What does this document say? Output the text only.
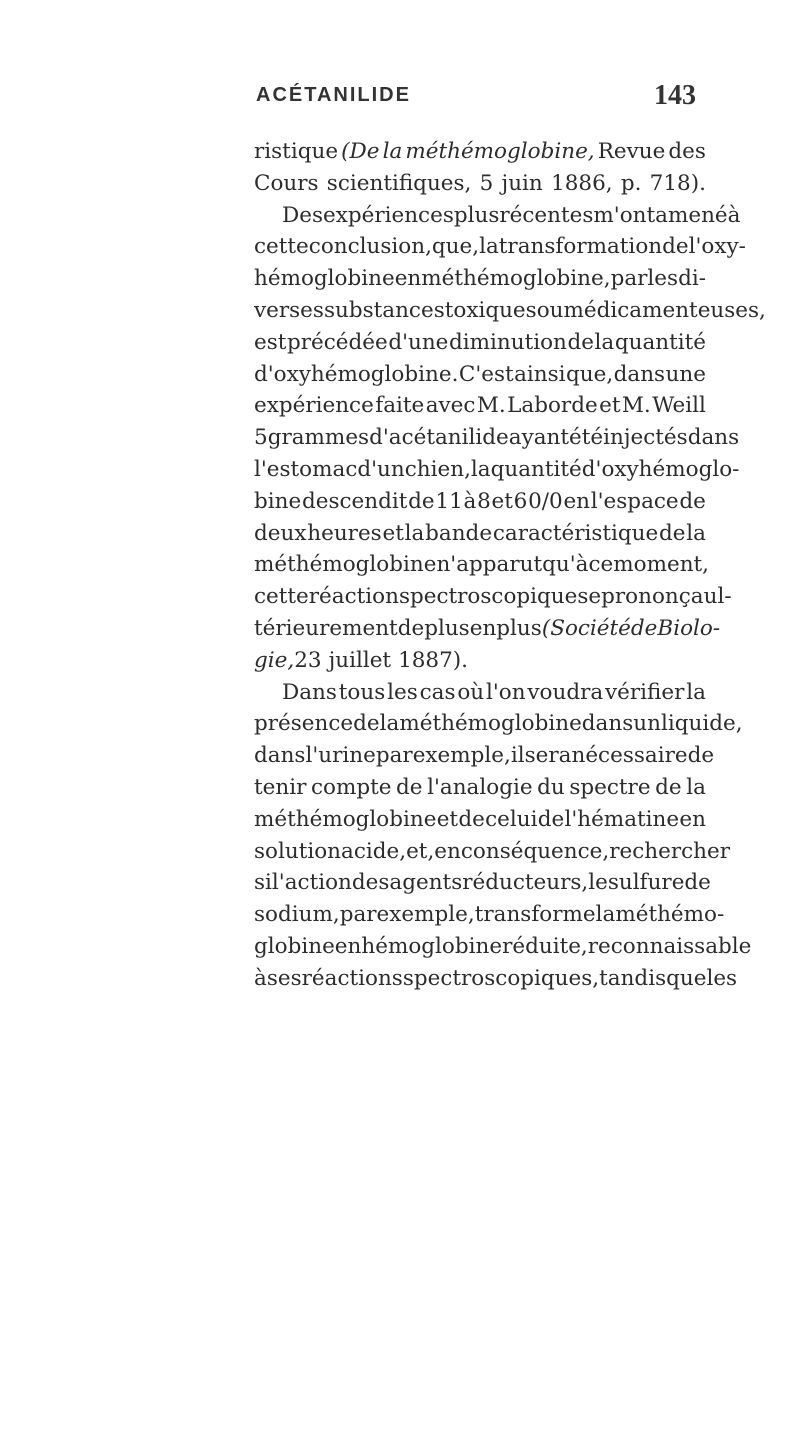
ACÉTANILIDE	143
ristique (De la méthémoglobine, Revue des
Cours scientifiques, 5 juin 1886, p. 718).
Des expériences plus récentes m'ont amené à
cette conclusion, que, la transformation de l'oxy-
hémoglobine en méthémoglobine, par les di-
verses substances toxiques ou médicamenteuses,
est précédée d'une diminution de la quantité
d'oxyhémoglobine. C'est ainsi que, dans une
expérience faite avec M. Laborde et M. Weill
5 grammes d'acétanilide ayant été injectés dans
l'estomac d'un chien, la quantité d'oxyhémoglo-
bine descendit de 11 à 8 et 6 0/0 en l'espace de
deux heures et la bande caractéristique de la
méthémoglobine n'apparut qu'à ce moment,
cette réaction spectroscopique se prononça ul-
térieurement de plus en plus (Société de Biolo-
gie, 23 juillet 1887).
Dans tous les cas où l'on voudra vérifier la
présence de la méthémoglobine dans un liquide,
dans l'urine par exemple, il sera nécessaire de
tenir compte de l'analogie du spectre de la
méthémoglobine et de celui de l'hématine en
solution acide, et, en conséquence, rechercher
si l'action des agents réducteurs, le sulfure de
sodium, par exemple, transforme la méthémo-
globine en hémoglobine réduite, reconnaissable
à ses réactions spectroscopiques, tandis que les
